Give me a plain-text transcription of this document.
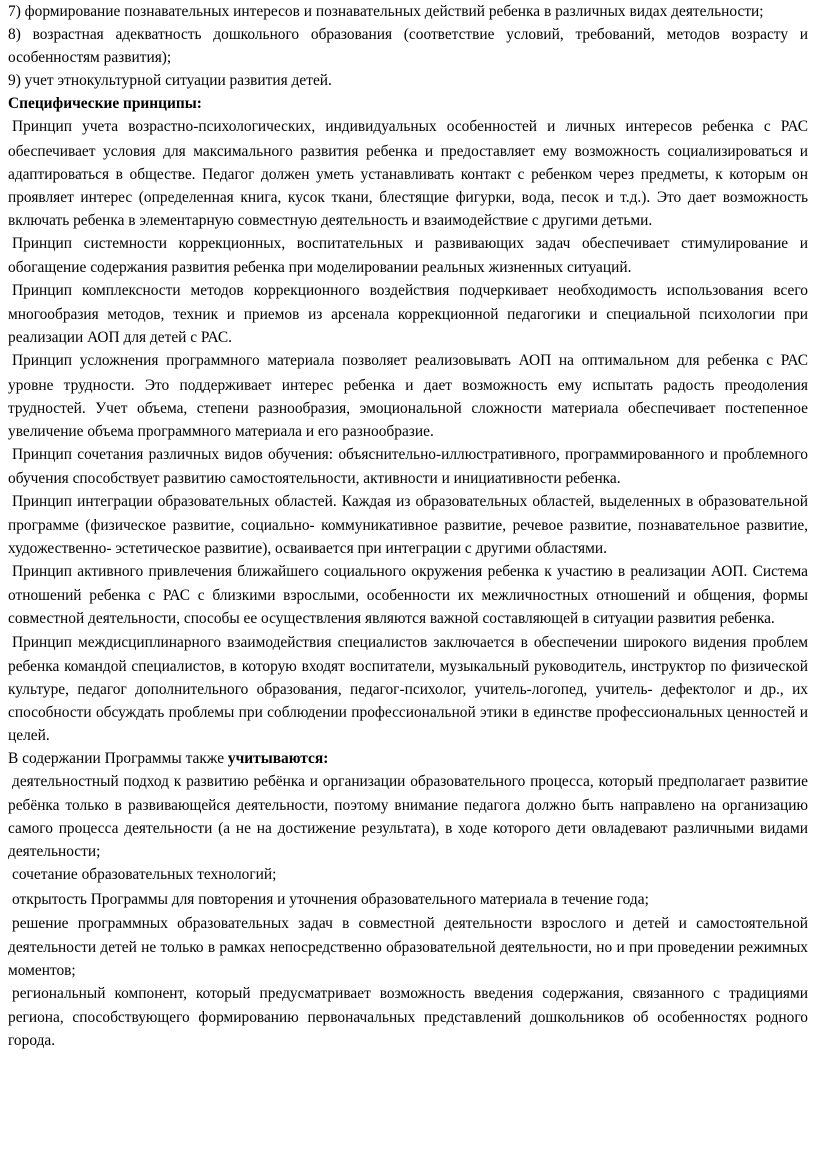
7) формирование познавательных интересов и познавательных действий ребенка в различных видах деятельности;

8) возрастная адекватность дошкольного образования (соответствие условий, требований, методов возрасту и особенностям развития);

9) учет этнокультурной ситуации развития детей.

Специфические принципы:

Принцип учета возрастно-психологических, индивидуальных особенностей и личных интересов ребенка с РАС обеспечивает условия для максимального развития ребенка и предоставляет ему возможность социализироваться и адаптироваться в обществе. Педагог должен уметь устанавливать контакт с ребенком через предметы, к которым он проявляет интерес (определенная книга, кусок ткани, блестящие фигурки, вода, песок и т.д.). Это дает возможность включать ребенка в элементарную совместную деятельность и взаимодействие с другими детьми.

Принцип системности коррекционных, воспитательных и развивающих задач обеспечивает стимулирование и обогащение содержания развития ребенка при моделировании реальных жизненных ситуаций.

Принцип комплексности методов коррекционного воздействия подчеркивает необходимость использования всего многообразия методов, техник и приемов из арсенала коррекционной педагогики и специальной психологии при реализации АОП для детей с РАС.

Принцип усложнения программного материала позволяет реализовывать АОП на оптимальном для ребенка с РАС уровне трудности. Это поддерживает интерес ребенка и дает возможность ему испытать радость преодоления трудностей. Учет объема, степени разнообразия, эмоциональной сложности материала обеспечивает постепенное увеличение объема программного материала и его разнообразие.

Принцип сочетания различных видов обучения: объяснительно-иллюстративного, программированного и проблемного обучения способствует развитию самостоятельности, активности и инициативности ребенка.

Принцип интеграции образовательных областей. Каждая из образовательных областей, выделенных в образовательной программе (физическое развитие, социально- коммуникативное развитие, речевое развитие, познавательное развитие, художественно- эстетическое развитие), осваивается при интеграции с другими областями.

Принцип активного привлечения ближайшего социального окружения ребенка к участию в реализации АОП. Система отношений ребенка с РАС с близкими взрослыми, особенности их межличностных отношений и общения, формы совместной деятельности, способы ее осуществления являются важной составляющей в ситуации развития ребенка.

Принцип междисциплинарного взаимодействия специалистов заключается в обеспечении широкого видения проблем ребенка командой специалистов, в которую входят воспитатели, музыкальный руководитель, инструктор по физической культуре, педагог дополнительного образования, педагог-психолог, учитель-логопед, учитель- дефектолог и др., их способности обсуждать проблемы при соблюдении профессиональной этики в единстве профессиональных ценностей и целей.

В содержании Программы также учитываются:

деятельностный подход к развитию ребёнка и организации образовательного процесса, который предполагает развитие ребёнка только в развивающейся деятельности, поэтому внимание педагога должно быть направлено на организацию самого процесса деятельности (а не на достижение результата), в ходе которого дети овладевают различными видами деятельности;

сочетание образовательных технологий;

открытость Программы для повторения и уточнения образовательного материала в течение года;

решение программных образовательных задач в совместной деятельности взрослого и детей и самостоятельной деятельности детей не только в рамках непосредственно образовательной деятельности, но и при проведении режимных моментов;

региональный компонент, который предусматривает возможность введения содержания, связанного с традициями региона, способствующего формированию первоначальных представлений дошкольников об особенностях родного города.
